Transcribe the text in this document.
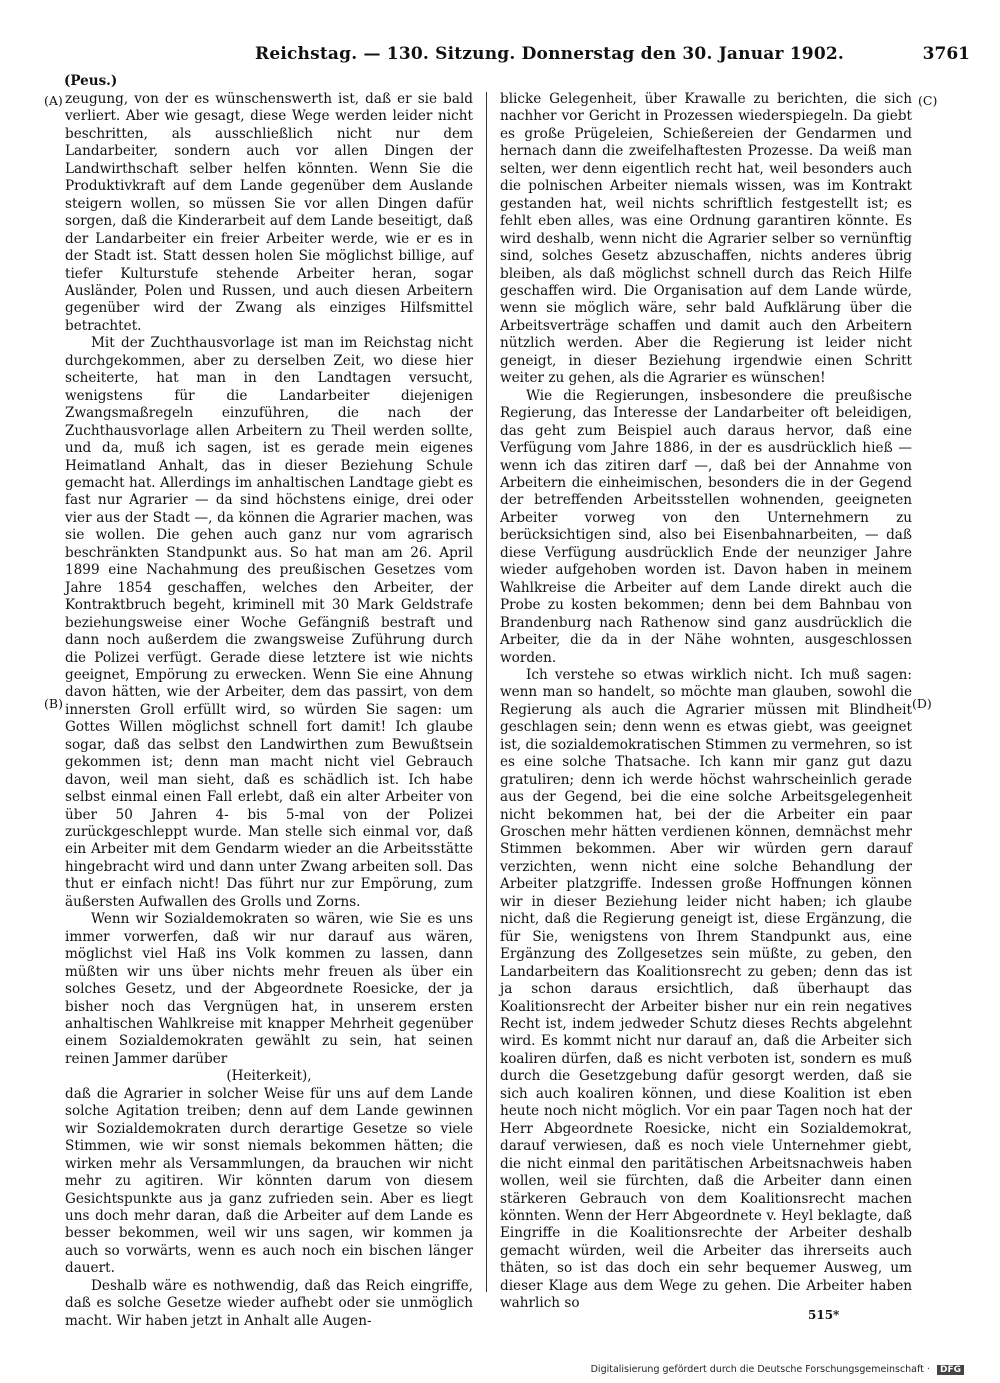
Reichstag. — 130. Sitzung. Donnerstag den 30. Januar 1902.	3761
(Peus.)
(A)
(B)
(C)
(D)

zeugung, von der es wünschenswerth ist, daß er sie bald verliert. Aber wie gesagt, diese Wege werden leider nicht beschritten, als ausschließlich nicht nur dem Landarbeiter, sondern auch vor allen Dingen der Landwirthschaft selber helfen könnten. Wenn Sie die Produktivkraft auf dem Lande gegenüber dem Auslande steigern wollen, so müssen Sie vor allen Dingen dafür sorgen, daß die Kinderarbeit auf dem Lande beseitigt, daß der Landarbeiter ein freier Arbeiter werde, wie er es in der Stadt ist. Statt dessen holen Sie möglichst billige, auf tiefer Kulturstufe stehende Arbeiter heran, sogar Ausländer, Polen und Russen, und auch diesen Arbeitern gegenüber wird der Zwang als einziges Hilfsmittel betrachtet.

Mit der Zuchthausvorlage ist man im Reichstag nicht durchgekommen, aber zu derselben Zeit, wo diese hier scheiterte, hat man in den Landtagen versucht, wenigstens für die Landarbeiter diejenigen Zwangsmaßregeln einzuführen, die nach der Zuchthausvorlage allen Arbeitern zu Theil werden sollte, und da, muß ich sagen, ist es gerade mein eigenes Heimatland Anhalt, das in dieser Beziehung Schule gemacht hat. Allerdings im anhaltischen Landtage giebt es fast nur Agrarier — da sind höchstens einige, drei oder vier aus der Stadt —, da können die Agrarier machen, was sie wollen. Die gehen auch ganz nur vom agrarisch beschränkten Standpunkt aus. So hat man am 26. April 1899 eine Nachahmung des preußischen Gesetzes vom Jahre 1854 geschaffen, welches den Arbeiter, der Kontraktbruch begeht, kriminell mit 30 Mark Geldstrafe beziehungsweise einer Woche Gefängniß bestraft und dann noch außerdem die zwangsweise Zuführung durch die Polizei verfügt. Gerade diese letztere ist wie nichts geeignet, Empörung zu erwecken. Wenn Sie eine Ahnung davon hätten, wie der Arbeiter, dem das passirt, von dem innersten Groll erfüllt wird, so würden Sie sagen: um Gottes Willen möglichst schnell fort damit! Ich glaube sogar, daß das selbst den Landwirthen zum Bewußtsein gekommen ist; denn man macht nicht viel Gebrauch davon, weil man sieht, daß es schädlich ist. Ich habe selbst einmal einen Fall erlebt, daß ein alter Arbeiter von über 50 Jahren 4- bis 5-mal von der Polizei zurückgeschleppt wurde. Man stelle sich einmal vor, daß ein Arbeiter mit dem Gendarm wieder an die Arbeitsstätte hingebracht wird und dann unter Zwang arbeiten soll. Das thut er einfach nicht! Das führt nur zur Empörung, zum äußersten Aufwallen des Grolls und Zorns.

Wenn wir Sozialdemokraten so wären, wie Sie es uns immer vorwerfen, daß wir nur darauf aus wären, möglichst viel Haß ins Volk kommen zu lassen, dann müßten wir uns über nichts mehr freuen als über ein solches Gesetz, und der Abgeordnete Roesicke, der ja bisher noch das Vergnügen hat, in unserem ersten anhaltischen Wahlkreise mit knapper Mehrheit gegenüber einem Sozialdemokraten gewählt zu sein, hat seinen reinen Jammer darüber

(Heiterkeit),

daß die Agrarier in solcher Weise für uns auf dem Lande solche Agitation treiben; denn auf dem Lande gewinnen wir Sozialdemokraten durch derartige Gesetze so viele Stimmen, wie wir sonst niemals bekommen hätten; die wirken mehr als Versammlungen, da brauchen wir nicht mehr zu agitiren. Wir könnten darum von diesem Gesichtspunkte aus ja ganz zufrieden sein. Aber es liegt uns doch mehr daran, daß die Arbeiter auf dem Lande es besser bekommen, weil wir uns sagen, wir kommen ja auch so vorwärts, wenn es auch noch ein bischen länger dauert.

Deshalb wäre es nothwendig, daß das Reich eingriffe, daß es solche Gesetze wieder aufhebt oder sie unmöglich macht. Wir haben jetzt in Anhalt alle Augen-

blicke Gelegenheit, über Krawalle zu berichten, die sich nachher vor Gericht in Prozessen wiederspiegeln. Da giebt es große Prügeleien, Schießereien der Gendarmen und hernach dann die zweifelhaftesten Prozesse. Da weiß man selten, wer denn eigentlich recht hat, weil besonders auch die polnischen Arbeiter niemals wissen, was im Kontrakt gestanden hat, weil nichts schriftlich festgestellt ist; es fehlt eben alles, was eine Ordnung garantiren könnte. Es wird deshalb, wenn nicht die Agrarier selber so vernünftig sind, solches Gesetz abzuschaffen, nichts anderes übrig bleiben, als daß möglichst schnell durch das Reich Hilfe geschaffen wird. Die Organisation auf dem Lande würde, wenn sie möglich wäre, sehr bald Aufklärung über die Arbeitsverträge schaffen und damit auch den Arbeitern nützlich werden. Aber die Regierung ist leider nicht geneigt, in dieser Beziehung irgendwie einen Schritt weiter zu gehen, als die Agrarier es wünschen!

Wie die Regierungen, insbesondere die preußische Regierung, das Interesse der Landarbeiter oft beleidigen, das geht zum Beispiel auch daraus hervor, daß eine Verfügung vom Jahre 1886, in der es ausdrücklich hieß — wenn ich das zitiren darf —, daß bei der Annahme von Arbeitern die einheimischen, besonders die in der Gegend der betreffenden Arbeitsstellen wohnenden, geeigneten Arbeiter vorweg von den Unternehmern zu berücksichtigen sind, also bei Eisenbahnarbeiten, — daß diese Verfügung ausdrücklich Ende der neunziger Jahre wieder aufgehoben worden ist. Davon haben in meinem Wahlkreise die Arbeiter auf dem Lande direkt auch die Probe zu kosten bekommen; denn bei dem Bahnbau von Brandenburg nach Rathenow sind ganz ausdrücklich die Arbeiter, die da in der Nähe wohnten, ausgeschlossen worden.

Ich verstehe so etwas wirklich nicht. Ich muß sagen: wenn man so handelt, so möchte man glauben, sowohl die Regierung als auch die Agrarier müssen mit Blindheit geschlagen sein; denn wenn es etwas giebt, was geeignet ist, die sozialdemokratischen Stimmen zu vermehren, so ist es eine solche Thatsache. Ich kann mir ganz gut dazu gratuliren; denn ich werde höchst wahrscheinlich gerade aus der Gegend, bei die eine solche Arbeitsgelegenheit nicht bekommen hat, bei der die Arbeiter ein paar Groschen mehr hätten verdienen können, demnächst mehr Stimmen bekommen. Aber wir würden gern darauf verzichten, wenn nicht eine solche Behandlung der Arbeiter platzgriffe. Indessen große Hoffnungen können wir in dieser Beziehung leider nicht haben; ich glaube nicht, daß die Regierung geneigt ist, diese Ergänzung, die für Sie, wenigstens von Ihrem Standpunkt aus, eine Ergänzung des Zollgesetzes sein müßte, zu geben, den Landarbeitern das Koalitionsrecht zu geben; denn das ist ja schon daraus ersichtlich, daß überhaupt das Koalitionsrecht der Arbeiter bisher nur ein rein negatives Recht ist, indem jedweder Schutz dieses Rechts abgelehnt wird. Es kommt nicht nur darauf an, daß die Arbeiter sich koaliren dürfen, daß es nicht verboten ist, sondern es muß durch die Gesetzgebung dafür gesorgt werden, daß sie sich auch koaliren können, und diese Koalition ist eben heute noch nicht möglich. Vor ein paar Tagen noch hat der Herr Abgeordnete Roesicke, nicht ein Sozialdemokrat, darauf verwiesen, daß es noch viele Unternehmer giebt, die nicht einmal den paritätischen Arbeitsnachweis haben wollen, weil sie fürchten, daß die Arbeiter dann einen stärkeren Gebrauch von dem Koalitionsrecht machen könnten. Wenn der Herr Abgeordnete v. Heyl beklagte, daß Eingriffe in die Koalitionsrechte der Arbeiter deshalb gemacht würden, weil die Arbeiter das ihrerseits auch thäten, so ist das doch ein sehr bequemer Ausweg, um dieser Klage aus dem Wege zu gehen. Die Arbeiter haben wahrlich so

515*
Digitalisierung gefördert durch die Deutsche Forschungsgemeinschaft · DFG
